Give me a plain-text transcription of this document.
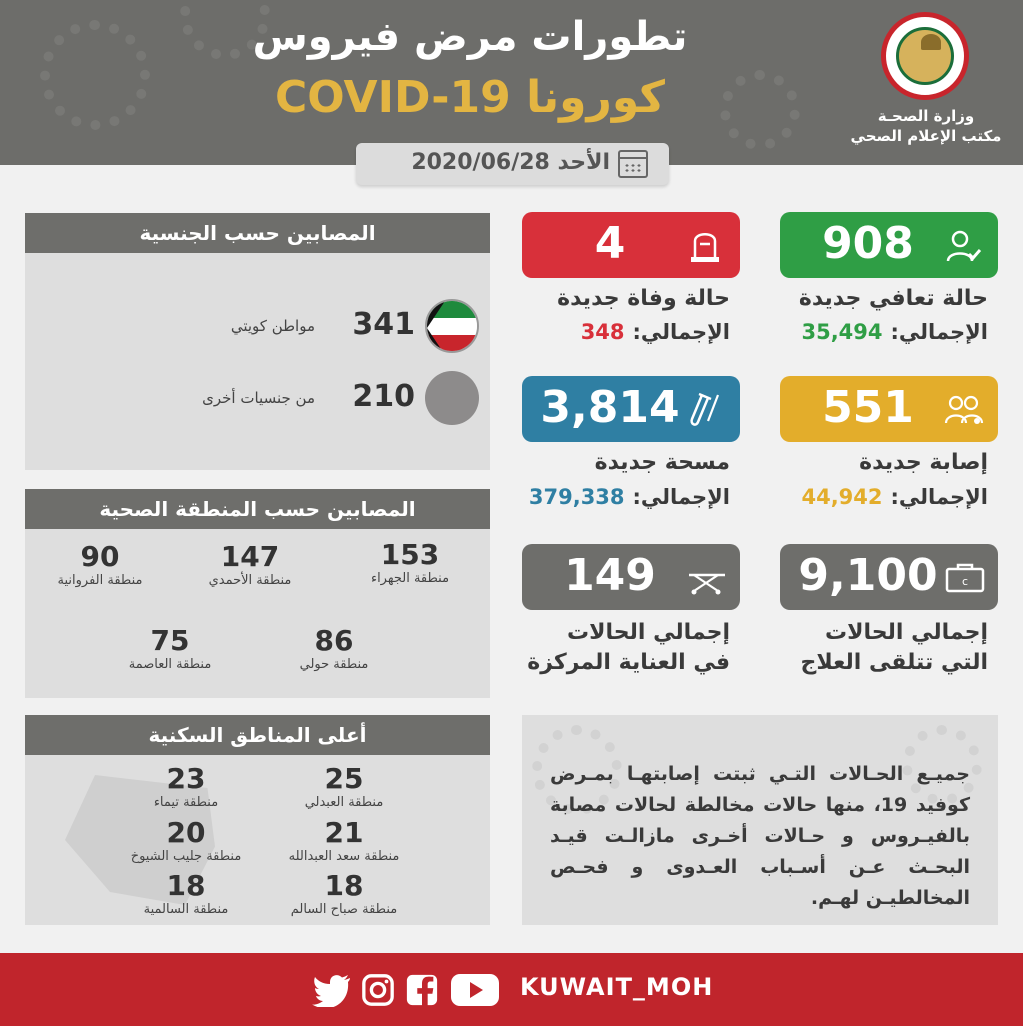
تطورات مرض فيروس
كورونا COVID-19	وزارة الصحـة
مكتب الإعلام الصحي
الأحد 2020/06/28
908
حالة تعافي جديدة
الإجمالي:35,494
551
إصابة جديدة
الإجمالي:44,942
9,100 c
إجمالي الحالات
التي تتلقى العلاج
4
حالة وفاة جديدة
الإجمالي:348
3,814
مسحة جديدة
الإجمالي:379,338
149
إجمالي الحالات
في العناية المركزة
المصابين حسب الجنسية
مواطن كويتي	341
من جنسيات أخرى	210
المصابين حسب المنطقة الصحية
153
منطقة الجهراء
147
منطقة الأحمدي
90
منطقة الفروانية
86
منطقة حولي
75
منطقة العاصمة
أعلى المناطق السكنية
25
منطقة العبدلي
23
منطقة تيماء
21
منطقة سعد العبدالله
20
منطقة جليب الشيوخ
18
منطقة صباح السالم
18
منطقة السالمية
جميـع الحـالات التـي ثبتت إصابتهـا بمـرض كوفيد 19، منها حالات مخالطة لحالات مصابة بالفيـروس و حـالات أخـرى مازالـت قيـد البحـث عـن أسـباب العـدوى و فحـص المخالطيـن لهـم.
KUWAIT_MOH
